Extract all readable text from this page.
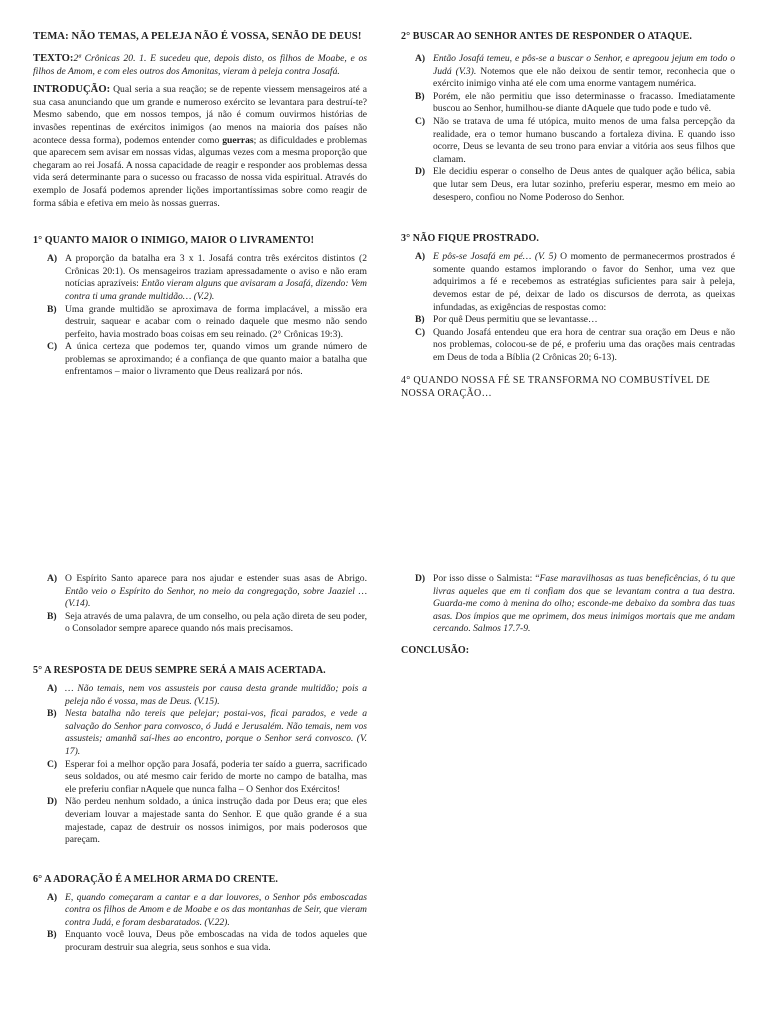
TEMA: NÃO TEMAS, A PELEJA NÃO É VOSSA, SENÃO DE DEUS!

TEXTO:2ª Crônicas 20. 1. E sucedeu que, depois disto, os filhos de Moabe, e os filhos de Amom, e com eles outros dos Amonitas, vieram à peleja contra Josafá.

INTRODUÇÃO: Qual seria a sua reação; se de repente viessem mensageiros até a sua casa anunciando que um grande e numeroso exército se levantara para destruí-te? Mesmo sabendo, que em nossos tempos, já não é comum ouvirmos histórias de invasões repentinas de exércitos inimigos (ao menos na maioria dos países não acontece dessa forma), podemos entender como guerras; as dificuldades e problemas que aparecem sem avisar em nossas vidas, algumas vezes com a mesma proporção que chegaram ao rei Josafá. A nossa capacidade de reagir e responder aos problemas dessa vida será determinante para o sucesso ou fracasso de nossa vida espiritual. Através do exemplo de Josafá podemos aprender lições importantíssimas sobre como reagir de forma sábia e efetiva em meio às nossas guerras.

1° QUANTO MAIOR O INIMIGO, MAIOR O LIVRAMENTO!
A) A proporção da batalha era 3 x 1. Josafá contra três exércitos distintos (2 Crônicas 20:1). Os mensageiros traziam apressadamente o aviso e não eram notícias aprazíveis: Então vieram alguns que avisaram a Josafá, dizendo: Vem contra ti uma grande multidão… (V.2).
B) Uma grande multidão se aproximava de forma implacável, a missão era destruir, saquear e acabar com o reinado daquele que mesmo não sendo perfeito, havia mostrado boas coisas em seu reinado. (2° Crônicas 19:3).
C) A única certeza que podemos ter, quando vimos um grande número de problemas se aproximando; é a confiança de que quanto maior a batalha que enfrentamos – maior o livramento que Deus realizará por nós.
2° BUSCAR AO SENHOR ANTES DE RESPONDER O ATAQUE.
A) Então Josafá temeu, e pôs-se a buscar o Senhor, e apregoou jejum em todo o Judá (V.3). Notemos que ele não deixou de sentir temor, reconhecia que o exército inimigo vinha até ele com uma enorme vantagem numérica.
B) Porém, ele não permitiu que isso determinasse o fracasso. Imediatamente buscou ao Senhor, humilhou-se diante dAquele que tudo pode e tudo vê.
C) Não se tratava de uma fé utópica, muito menos de uma falsa percepção da realidade, era o temor humano buscando a fortaleza divina. E quando isso ocorre, Deus se levanta de seu trono para enviar a vitória aos seus filhos que clamam.
D) Ele decidiu esperar o conselho de Deus antes de qualquer ação bélica, sabia que lutar sem Deus, era lutar sozinho, preferiu esperar, mesmo em meio ao desespero, confiou no Nome Poderoso do Senhor.
3° NÃO FIQUE PROSTRADO.
A) E pôs-se Josafá em pé… (V. 5) O momento de permanecermos prostrados é somente quando estamos implorando o favor do Senhor, uma vez que adquirimos a fé e recebemos as estratégias suficientes para sair à peleja, devemos estar de pé, deixar de lado os discursos de derrota, as queixas infundadas, as exigências de respostas como:
B) Por quê Deus permitiu que se levantasse…
C) Quando Josafá entendeu que era hora de centrar sua oração em Deus e não nos problemas, colocou-se de pé, e proferiu uma das orações mais centradas em Deus de toda a Bíblia (2 Crônicas 20; 6-13).
4° QUANDO NOSSA FÉ SE TRANSFORMA NO COMBUSTÍVEL DE NOSSA ORAÇÃO…
A) O Espírito Santo aparece para nos ajudar e estender suas asas de Abrigo. Então veio o Espírito do Senhor, no meio da congregação, sobre Jaaziel … (V.14).
B) Seja através de uma palavra, de um conselho, ou pela ação direta de seu poder, o Consolador sempre aparece quando nós mais precisamos.
5° A RESPOSTA DE DEUS SEMPRE SERÁ A MAIS ACERTADA.
A) … Não temais, nem vos assusteis por causa desta grande multidão; pois a peleja não é vossa, mas de Deus. (V.15).
B) Nesta batalha não tereis que pelejar; postai-vos, ficai parados, e vede a salvação do Senhor para convosco, ó Judá e Jerusalém. Não temais, nem vos assusteis; amanhã saí-lhes ao encontro, porque o Senhor será convosco. (V. 17).
C) Esperar foi a melhor opção para Josafá, poderia ter saído a guerra, sacrificado seus soldados, ou até mesmo cair ferido de morte no campo de batalha, mas ele preferiu confiar nAquele que nunca falha – O Senhor dos Exércitos!
D) Não perdeu nenhum soldado, a única instrução dada por Deus era; que eles deveriam louvar a majestade santa do Senhor. E que quão grande é a sua majestade, capaz de destruir os nossos inimigos, por mais poderosos que pareçam.
6° A ADORAÇÃO É A MELHOR ARMA DO CRENTE.
A) E, quando começaram a cantar e a dar louvores, o Senhor pôs emboscadas contra os filhos de Amom e de Moabe e os das montanhas de Seir, que vieram contra Judá, e foram desbaratados. (V.22).
B) Enquanto você louva, Deus põe emboscadas na vida de todos aqueles que procuram destruir sua alegria, seus sonhos e sua vida.
D) Por isso disse o Salmista: “Fase maravilhosas as tuas beneficências, ó tu que livras aqueles que em ti confiam dos que se levantam contra a tua destra. Guarda-me como à menina do olho; esconde-me debaixo da sombra das tuas asas. Dos ímpios que me oprimem, dos meus inimigos mortais que me andam cercando. Salmos 17.7-9.
CONCLUSÃO:
